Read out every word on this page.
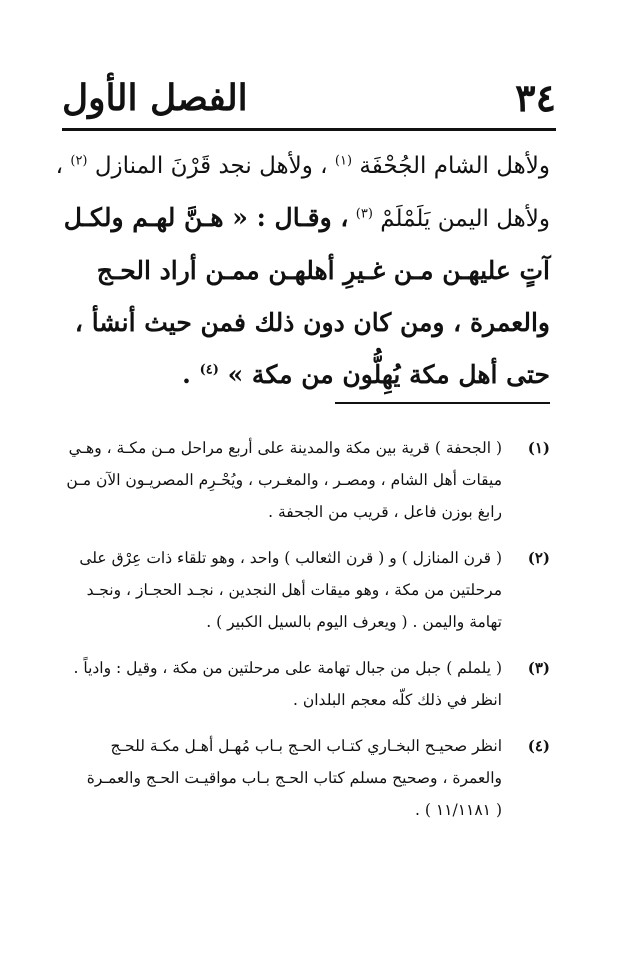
٣٤
الفصل الأول
ولأهل الشام الجُحْفَة $^{(١)}$ ، ولأهل نجد قَرْنَ المنازل $^{(٢)}$ ،
ولأهل اليمن يَلَمْلَمْ $^{(٣)}$ ، وقـال : « هـنَّ لهـم ولكـل
آتٍ عليهـن مـن غـيرِ أهلهـن ممـن أراد الحـج
والعمرة ، ومن كان دون ذلك فمن حيث أنشأ ،
حتى أهل مكة يُهِلُّون من مكة » $^{(٤)}$ .
(١)
( الجحفة ) قرية بين مكة والمدينة على أربع مراحل مـن مكـة ، وهـي
ميقات أهل الشام ، ومصـر ، والمغـرب ، ويُحْـرِم المصريـون الآن مـن
رابغ بوزن فاعل ، قريب من الجحفة .
(٢)
( قرن المنازل ) و ( قرن الثعالب ) واحد ، وهو تلقاء ذات عِرْق على
مرحلتين من مكة ، وهو ميقات أهل النجدين ، نجـد الحجـاز ، ونجـد
تهامة واليمن . ( ويعرف اليوم بالسيل الكبير ) .
(٣)
( يلملم ) جبل من جبال تهامة على مرحلتين من مكة ، وقيل : وادياً .
انظر في ذلك كلّه معجم البلدان .
(٤)
انظر صحيـح البخـاري كتـاب الحـج بـاب مُهـل أهـل مكـة للحـج
والعمرة ، وصحيح مسلم كتاب الحـج بـاب مواقيـت الحـج والعمـرة
( ١١/١١٨١ ) .
